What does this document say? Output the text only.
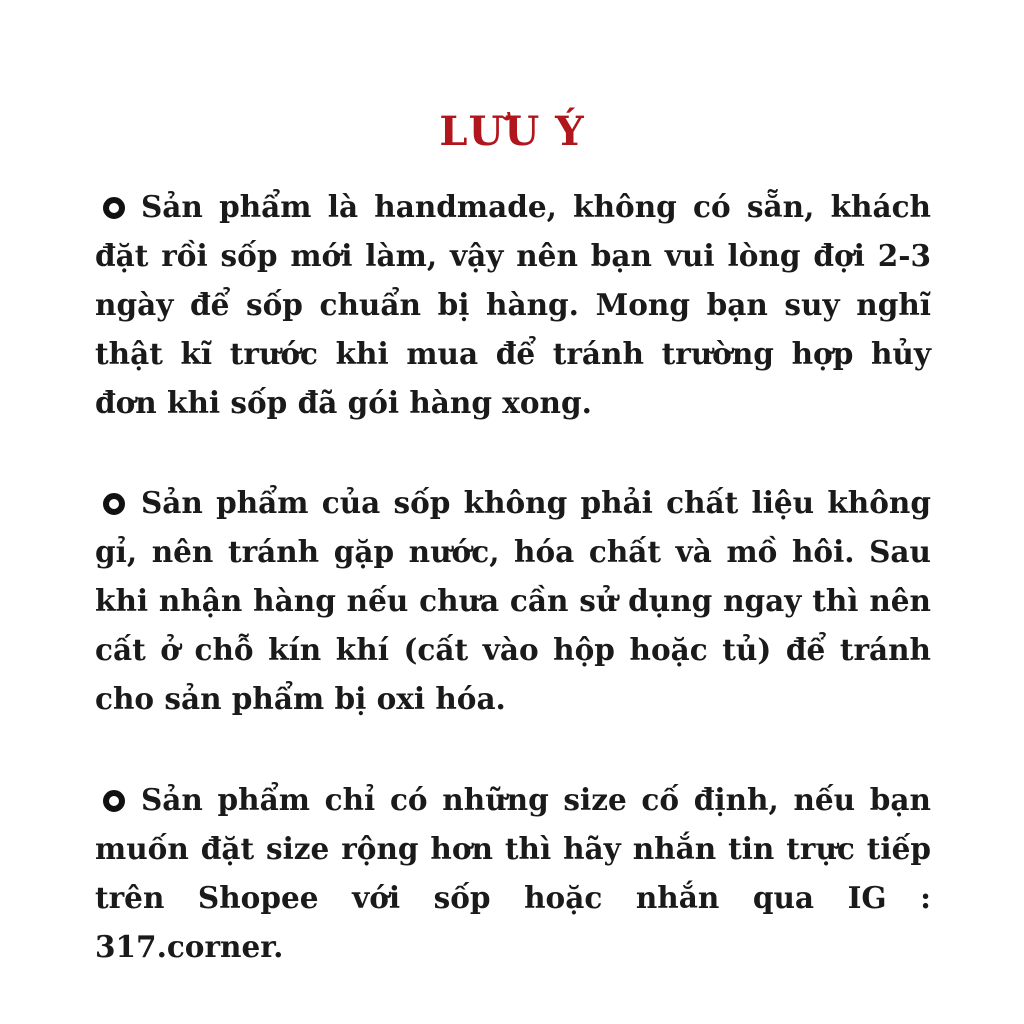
LƯU Ý

Sản phẩm là handmade, không có sẵn, khách đặt rồi sốp mới làm, vậy nên bạn vui lòng đợi 2-3 ngày để sốp chuẩn bị hàng. Mong bạn suy nghĩ thật kĩ trước khi mua để tránh trường hợp hủy đơn khi sốp đã gói hàng xong.

Sản phẩm của sốp không phải chất liệu không gỉ, nên tránh gặp nước, hóa chất và mồ hôi. Sau khi nhận hàng nếu chưa cần sử dụng ngay thì nên cất ở chỗ kín khí (cất vào hộp hoặc tủ) để tránh cho sản phẩm bị oxi hóa.

Sản phẩm chỉ có những size cố định, nếu bạn muốn đặt size rộng hơn thì hãy nhắn tin trực tiếp trên Shopee với sốp hoặc nhắn qua IG : 317.corner.
